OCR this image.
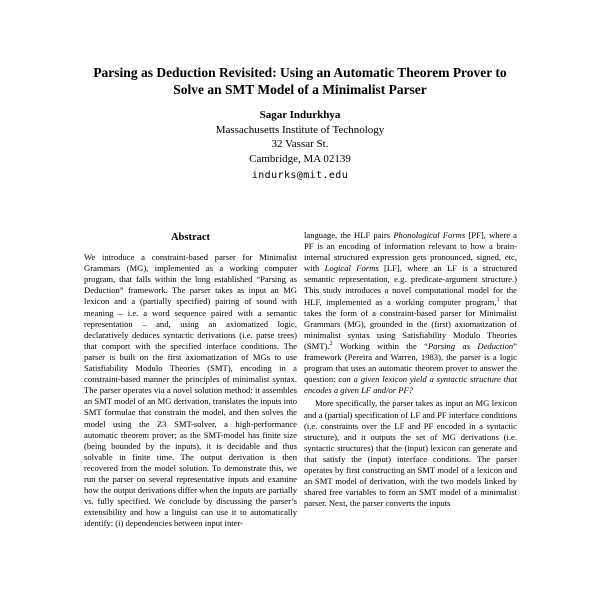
Parsing as Deduction Revisited: Using an Automatic Theorem Prover to
Solve an SMT Model of a Minimalist Parser
Sagar Indurkhya
Massachusetts Institute of Technology
32 Vassar St.
Cambridge, MA 02139
indurks@mit.edu
Abstract

We introduce a constraint-based parser for Minimalist Grammars (MG), implemented as a working computer program, that falls within the long established “Parsing as Deduction” framework. The parser takes as input an MG lexicon and a (partially specified) pairing of sound with meaning – i.e. a word sequence paired with a semantic representation – and, using an axiomatized logic, declaratively deduces syntactic derivations (i.e. parse trees) that comport with the specified interface conditions. The parser is built on the first axiomatization of MGs to use Satisfiability Modulo Theories (SMT), encoding in a constraint-based manner the principles of minimalist syntax. The parser operates via a novel solution method: it assembles an SMT model of an MG derivation, translates the inputs into SMT formulae that constrain the model, and then solves the model using the Z3 SMT-solver, a high-performance automatic theorem prover; as the SMT-model has finite size (being bounded by the inputs), it is decidable and thus solvable in finite time. The output derivation is then recovered from the model solution. To demonstrate this, we run the parser on several representative inputs and examine how the output derivations differ when the inputs are partially vs. fully specified. We conclude by discussing the parser’s extensibility and how a linguist can use it to automatically identify: (i) dependencies between input inter-

language, the HLF pairs Phonological Forms [PF], where a PF is an encoding of information relevant to how a brain-internal structured expression gets pronounced, signed, etc, with Logical Forms [LF], where an LF is a structured semantic representation, e.g. predicate-argument structure.) This study introduces a novel computational model for the HLF, implemented as a working computer program,$^1$ that takes the form of a constraint-based parser for Minimalist Grammars (MG), grounded in the (first) axiomatization of minimalist syntax using Satisfiability Modulo Theories (SMT).$^2$ Working within the “Parsing as Deduction” framework (Pereira and Warren, 1983), the parser is a logic program that uses an automatic theorem prover to answer the question: can a given lexicon yield a syntactic structure that encodes a given LF and/or PF?

More specifically, the parser takes as input an MG lexicon and a (partial) specification of LF and PF interface conditions (i.e. constraints over the LF and PF encoded in a syntactic structure), and it outputs the set of MG derivations (i.e. syntactic structures) that the (input) lexicon can generate and that satisfy the (input) interface conditions. The parser operates by first constructing an SMT model of a lexicon and an SMT model of derivation, with the two models linked by shared free variables to form an SMT model of a minimalist parser. Next, the parser converts the inputs
